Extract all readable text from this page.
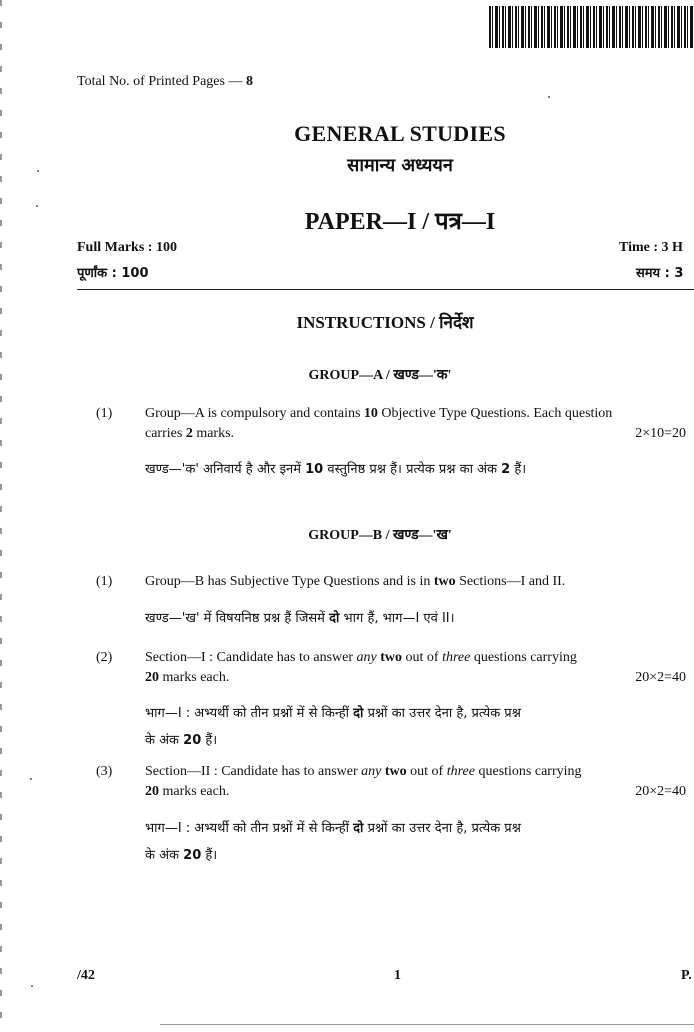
Total No. of Printed Pages — 8
GENERAL STUDIES
सामान्य अध्ययन
PAPER—I / पत्र—I
Full Marks : 100
पूर्णांक : 100
Time : 3 H
समय : 3
INSTRUCTIONS / निर्देश
GROUP—A / खण्ड—'क'
(1) Group—A is compulsory and contains 10 Objective Type Questions. Each question
carries 2 marks.	2×10=20
खण्ड—'क' अनिवार्य है और इनमें 10 वस्तुनिष्ठ प्रश्न हैं। प्रत्येक प्रश्न का अंक 2 हैं।
GROUP—B / खण्ड—'ख'
(1) Group—B has Subjective Type Questions and is in two Sections—I and II.
खण्ड—'ख' में विषयनिष्ठ प्रश्न हैं जिसमें दो भाग हैं, भाग—I एवं II।
(2) Section—I : Candidate has to answer any two out of three questions carrying
20 marks each.	20×2=40
भाग—I : अभ्यर्थी को तीन प्रश्नों में से किन्हीं दो प्रश्नों का उत्तर देना है, प्रत्येक प्रश्न
के अंक 20 हैं।
(3) Section—II : Candidate has to answer any two out of three questions carrying
20 marks each.	20×2=40
भाग—I : अभ्यर्थी को तीन प्रश्नों में से किन्हीं दो प्रश्नों का उत्तर देना है, प्रत्येक प्रश्न
के अंक 20 हैं।
/42	1	P.
